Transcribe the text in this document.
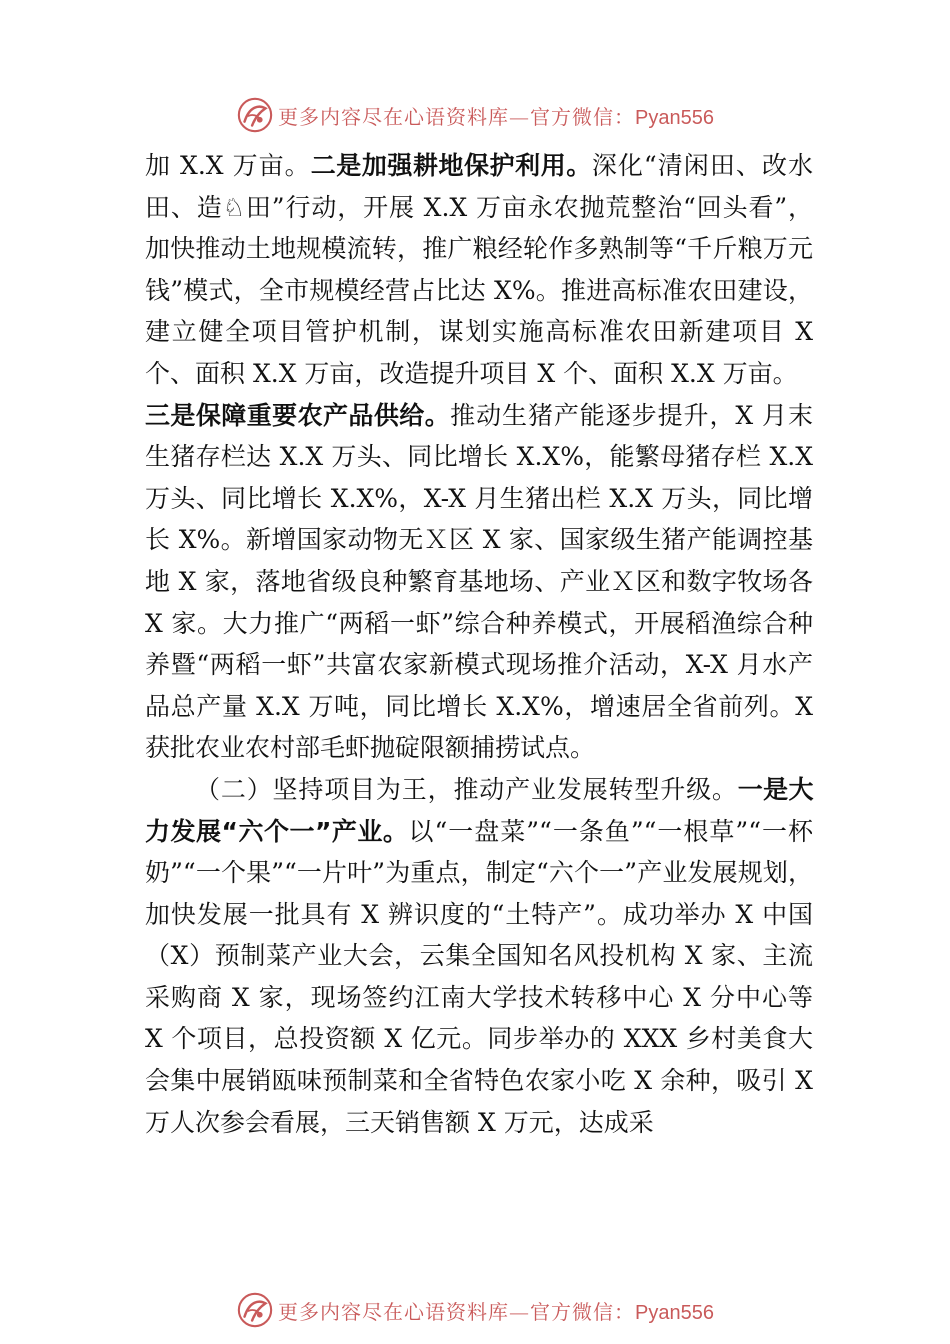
更多内容尽在心语资料库—官方微信：Pyan556

加 X.X 万亩。二是加强耕地保护利用。深化“清闲田、改水田、造♘田”行动，开展 X.X 万亩永农抛荒整治“回头看”，加快推动土地规模流转，推广粮经轮作多熟制等“千斤粮万元钱”模式，全市规模经营占比达 X%。推进高标准农田建设，建立健全项目管护机制，谋划实施高标准农田新建项目 X 个、面积 X.X 万亩，改造提升项目 X 个、面积 X.X 万亩。

三是保障重要农产品供给。推动生猪产能逐步提升，X 月末生猪存栏达 X.X 万头、同比增长 X.X%，能繁母猪存栏 X.X 万头、同比增长 X.X%，X-X 月生猪出栏 X.X 万头，同比增长 X%。新增国家动物无Ｘ区 X 家、国家级生猪产能调控基地 X 家，落地省级良种繁育基地场、产业Ｘ区和数字牧场各 X 家。大力推广“两稻一虾”综合种养模式，开展稻渔综合种养暨“两稻一虾”共富农家新模式现场推介活动，X-X 月水产品总产量 X.X 万吨，同比增长 X.X%，增速居全省前列。X 获批农业农村部毛虾抛碇限额捕捞试点。

（二）坚持项目为王，推动产业发展转型升级。一是大力发展“六个一”产业。以“一盘菜”“一条鱼”“一根草”“一杯奶”“一个果”“一片叶”为重点，制定“六个一”产业发展规划，加快发展一批具有 X 辨识度的“土特产”。成功举办 X 中国（X）预制菜产业大会，云集全国知名风投机构 X 家、主流采购商 X 家，现场签约江南大学技术转移中心 X 分中心等 X 个项目，总投资额 X 亿元。同步举办的 XXX 乡村美食大会集中展销瓯味预制菜和全省特色农家小吃 X 余种，吸引 X 万人次参会看展，三天销售额 X 万元，达成采

更多内容尽在心语资料库—官方微信：Pyan556
